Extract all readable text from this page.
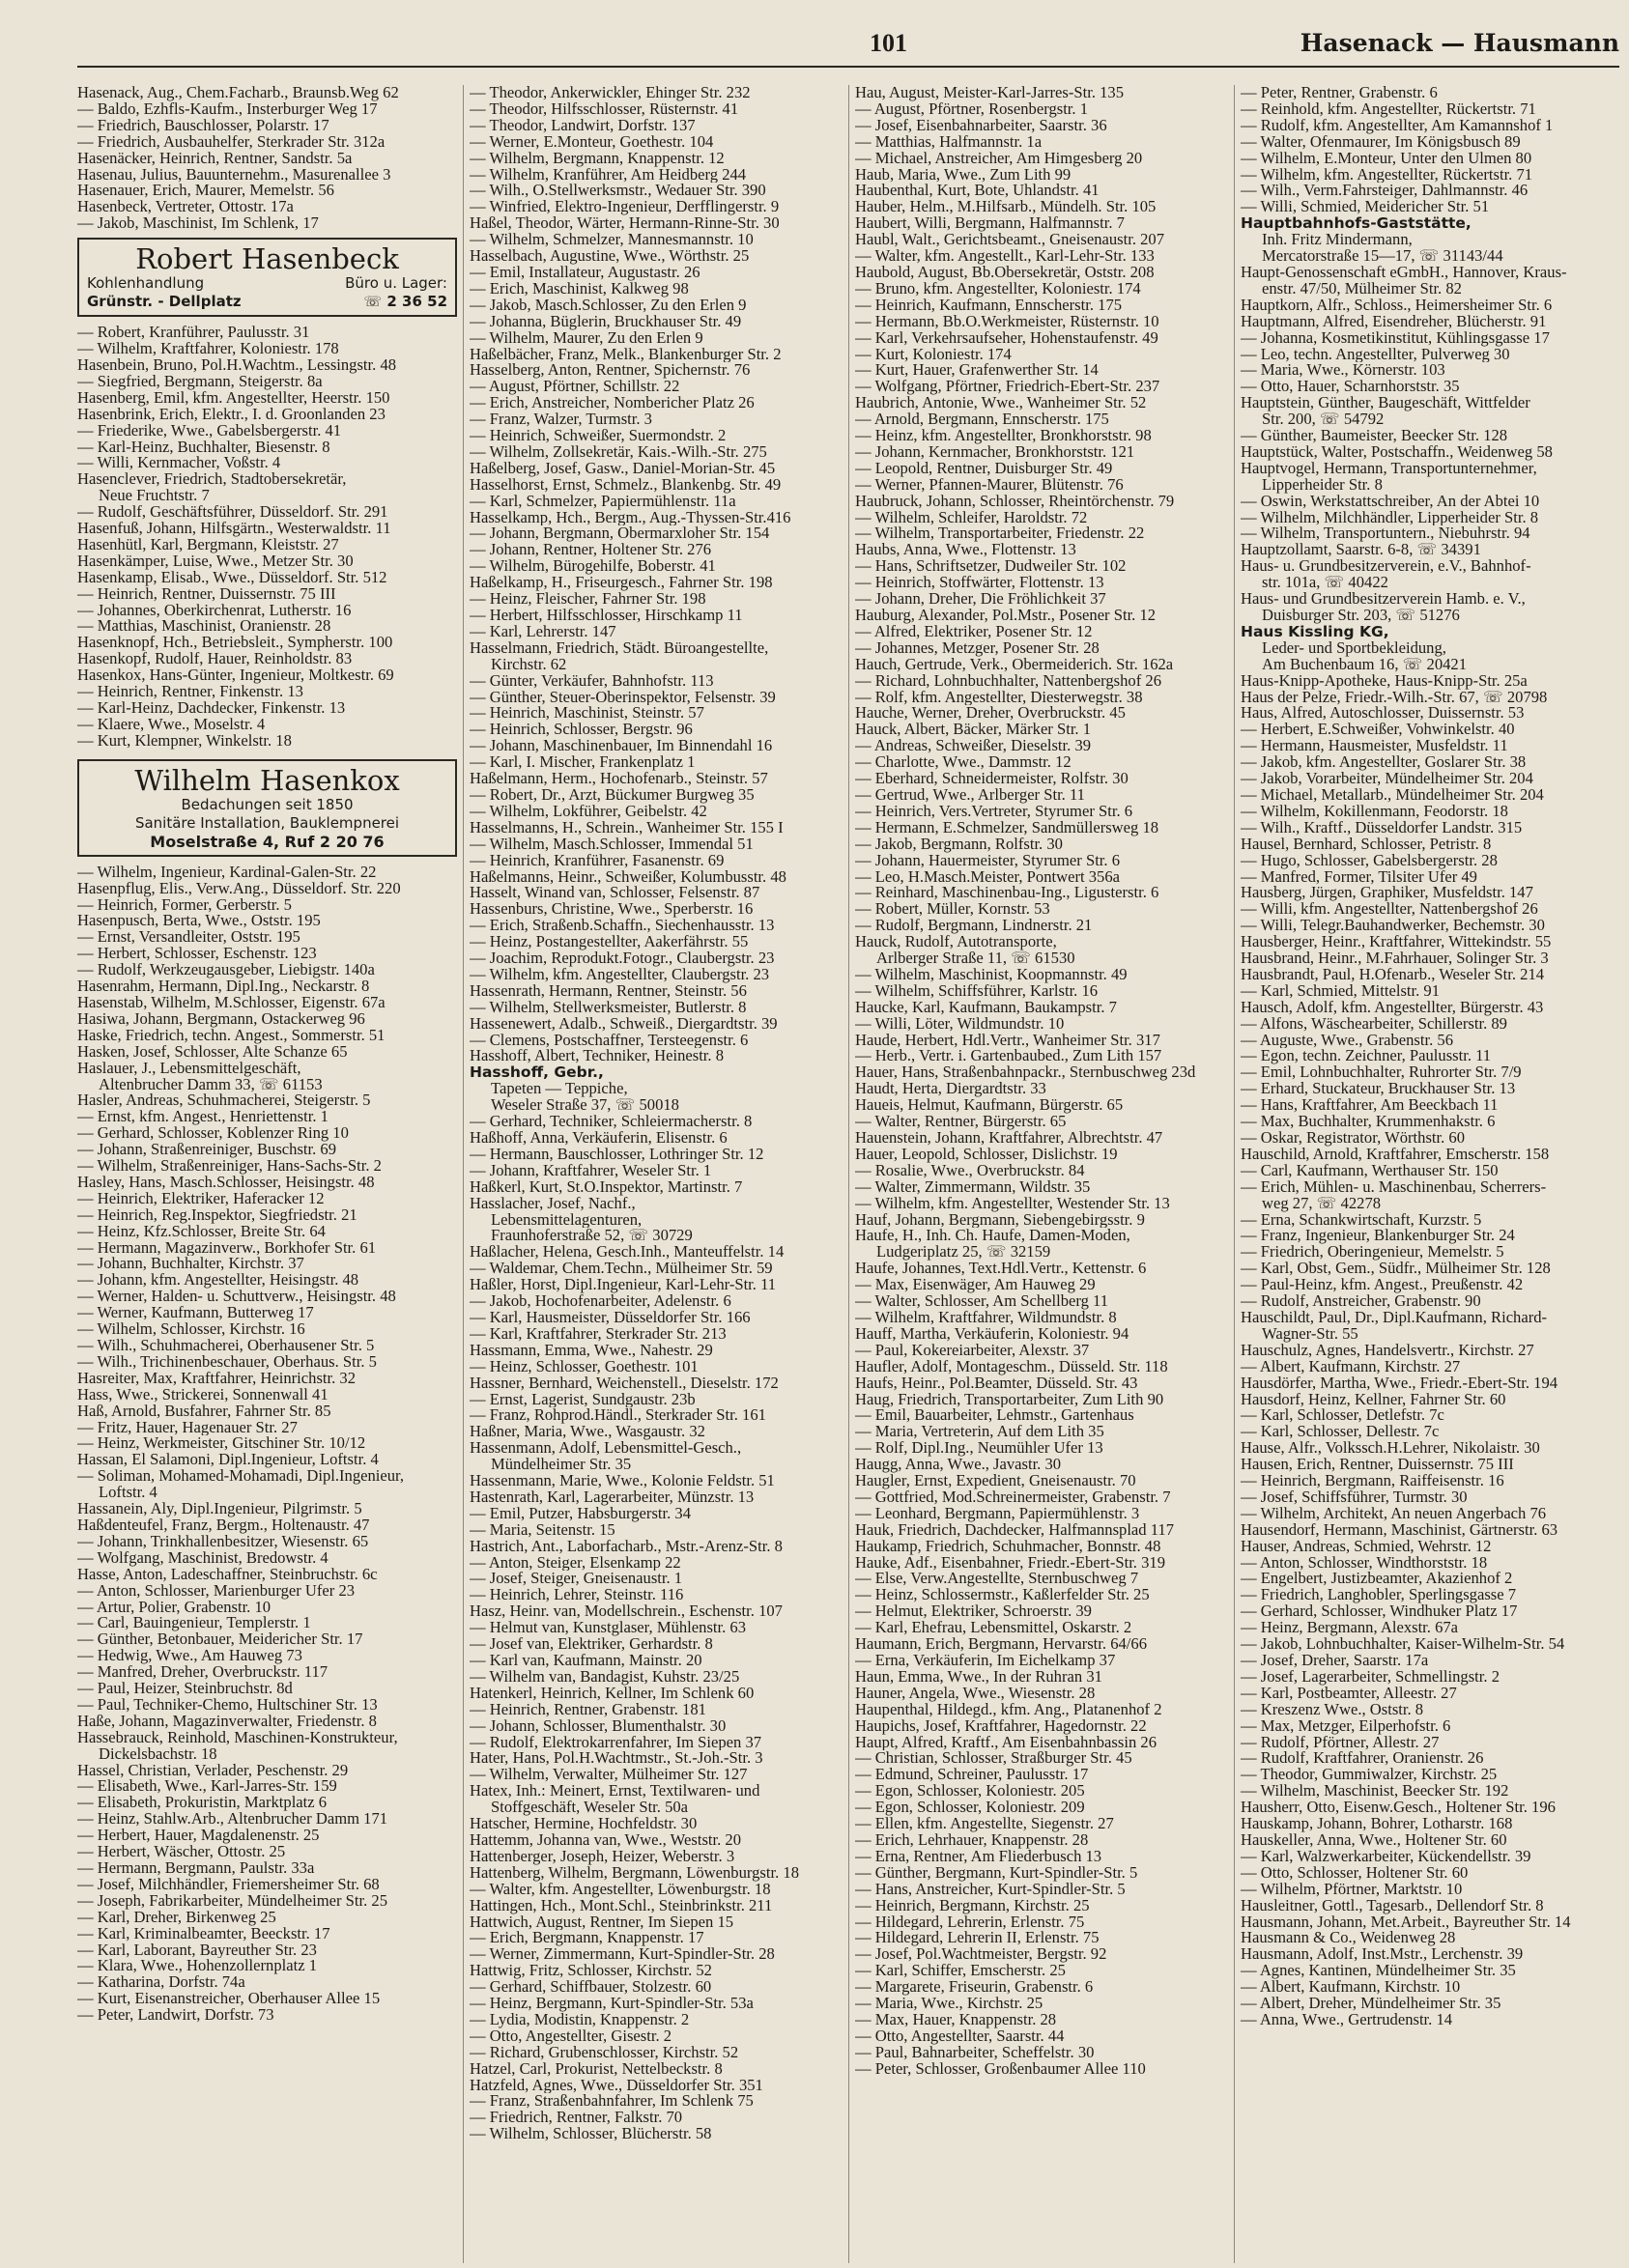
101	Hasenack — Hausmann
Hasenack, Aug., Chem.Facharb., Braunsb.Weg 62
— Baldo, Ezhfls-Kaufm., Insterburger Weg 17
— Friedrich, Bauschlosser, Polarstr. 17
— Friedrich, Ausbauhelfer, Sterkrader Str. 312a
Hasenäcker, Heinrich, Rentner, Sandstr. 5a
Hasenau, Julius, Bauunternehm., Masurenallee 3
Hasenauer, Erich, Maurer, Memelstr. 56
Hasenbeck, Vertreter, Ottostr. 17a
— Jakob, Maschinist, Im Schlenk, 17
Robert Hasenbeck
Kohlenhandlung	Büro u. Lager:
Grünstr. - Dellplatz	☏ 2 36 52
— Robert, Kranführer, Paulusstr. 31
— Wilhelm, Kraftfahrer, Koloniestr. 178
Hasenbein, Bruno, Pol.H.Wachtm., Lessingstr. 48
— Siegfried, Bergmann, Steigerstr. 8a
Hasenberg, Emil, kfm. Angestellter, Heerstr. 150
Hasenbrink, Erich, Elektr., I. d. Groonlanden 23
— Friederike, Wwe., Gabelsbergerstr. 41
— Karl-Heinz, Buchhalter, Biesenstr. 8
— Willi, Kernmacher, Voßstr. 4
Hasenclever, Friedrich, Stadtobersekretär,
Neue Fruchtstr. 7
— Rudolf, Geschäftsführer, Düsseldorf. Str. 291
Hasenfuß, Johann, Hilfsgärtn., Westerwaldstr. 11
Hasenhütl, Karl, Bergmann, Kleiststr. 27
Hasenkämper, Luise, Wwe., Metzer Str. 30
Hasenkamp, Elisab., Wwe., Düsseldorf. Str. 512
— Heinrich, Rentner, Duissernstr. 75 III
— Johannes, Oberkirchenrat, Lutherstr. 16
— Matthias, Maschinist, Oranienstr. 28
Hasenknopf, Hch., Betriebsleit., Sympherstr. 100
Hasenkopf, Rudolf, Hauer, Reinholdstr. 83
Hasenkox, Hans-Günter, Ingenieur, Moltkestr. 69
— Heinrich, Rentner, Finkenstr. 13
— Karl-Heinz, Dachdecker, Finkenstr. 13
— Klaere, Wwe., Moselstr. 4
— Kurt, Klempner, Winkelstr. 18
Wilhelm Hasenkox
Bedachungen seit 1850
Sanitäre Installation, Bauklempnerei
Moselstraße 4, Ruf 2 20 76
— Wilhelm, Ingenieur, Kardinal-Galen-Str. 22
Hasenpflug, Elis., Verw.Ang., Düsseldorf. Str. 220
— Heinrich, Former, Gerberstr. 5
Hasenpusch, Berta, Wwe., Oststr. 195
— Ernst, Versandleiter, Oststr. 195
— Herbert, Schlosser, Eschenstr. 123
— Rudolf, Werkzeugausgeber, Liebigstr. 140a
Hasenrahm, Hermann, Dipl.Ing., Neckarstr. 8
Hasenstab, Wilhelm, M.Schlosser, Eigenstr. 67a
Hasiwa, Johann, Bergmann, Ostackerweg 96
Haske, Friedrich, techn. Angest., Sommerstr. 51
Hasken, Josef, Schlosser, Alte Schanze 65
Haslauer, J., Lebensmittelgeschäft,
Altenbrucher Damm 33, ☏ 61153
Hasler, Andreas, Schuhmacherei, Steigerstr. 5
— Ernst, kfm. Angest., Henriettenstr. 1
— Gerhard, Schlosser, Koblenzer Ring 10
— Johann, Straßenreiniger, Buschstr. 69
— Wilhelm, Straßenreiniger, Hans-Sachs-Str. 2
Hasley, Hans, Masch.Schlosser, Heisingstr. 48
— Heinrich, Elektriker, Haferacker 12
— Heinrich, Reg.Inspektor, Siegfriedstr. 21
— Heinz, Kfz.Schlosser, Breite Str. 64
— Hermann, Magazinverw., Borkhofer Str. 61
— Johann, Buchhalter, Kirchstr. 37
— Johann, kfm. Angestellter, Heisingstr. 48
— Werner, Halden- u. Schuttverw., Heisingstr. 48
— Werner, Kaufmann, Butterweg 17
— Wilhelm, Schlosser, Kirchstr. 16
— Wilh., Schuhmacherei, Oberhausener Str. 5
— Wilh., Trichinenbeschauer, Oberhaus. Str. 5
Hasreiter, Max, Kraftfahrer, Heinrichstr. 32
Hass, Wwe., Strickerei, Sonnenwall 41
Haß, Arnold, Busfahrer, Fahrner Str. 85
— Fritz, Hauer, Hagenauer Str. 27
— Heinz, Werkmeister, Gitschiner Str. 10/12
Hassan, El Salamoni, Dipl.Ingenieur, Loftstr. 4
— Soliman, Mohamed-Mohamadi, Dipl.Ingenieur,
Loftstr. 4
Hassanein, Aly, Dipl.Ingenieur, Pilgrimstr. 5
Haßdenteufel, Franz, Bergm., Holtenaustr. 47
— Johann, Trinkhallenbesitzer, Wiesenstr. 65
— Wolfgang, Maschinist, Bredowstr. 4
Hasse, Anton, Ladeschaffner, Steinbruchstr. 6c
— Anton, Schlosser, Marienburger Ufer 23
— Artur, Polier, Grabenstr. 10
— Carl, Bauingenieur, Templerstr. 1
— Günther, Betonbauer, Meidericher Str. 17
— Hedwig, Wwe., Am Hauweg 73
— Manfred, Dreher, Overbruckstr. 117
— Paul, Heizer, Steinbruchstr. 8d
— Paul, Techniker-Chemo, Hultschiner Str. 13
Haße, Johann, Magazinverwalter, Friedenstr. 8
Hassebrauck, Reinhold, Maschinen-Konstrukteur,
Dickelsbachstr. 18
Hassel, Christian, Verlader, Peschenstr. 29
— Elisabeth, Wwe., Karl-Jarres-Str. 159
— Elisabeth, Prokuristin, Marktplatz 6
— Heinz, Stahlw.Arb., Altenbrucher Damm 171
— Herbert, Hauer, Magdalenenstr. 25
— Herbert, Wäscher, Ottostr. 25
— Hermann, Bergmann, Paulstr. 33a
— Josef, Milchhändler, Friemersheimer Str. 68
— Joseph, Fabrikarbeiter, Mündelheimer Str. 25
— Karl, Dreher, Birkenweg 25
— Karl, Kriminalbeamter, Beeckstr. 17
— Karl, Laborant, Bayreuther Str. 23
— Klara, Wwe., Hohenzollernplatz 1
— Katharina, Dorfstr. 74a
— Kurt, Eisenanstreicher, Oberhauser Allee 15
— Peter, Landwirt, Dorfstr. 73
— Theodor, Ankerwickler, Ehinger Str. 232
— Theodor, Hilfsschlosser, Rüsternstr. 41
— Theodor, Landwirt, Dorfstr. 137
— Werner, E.Monteur, Goethestr. 104
— Wilhelm, Bergmann, Knappenstr. 12
— Wilhelm, Kranführer, Am Heidberg 244
— Wilh., O.Stellwerksmstr., Wedauer Str. 390
— Winfried, Elektro-Ingenieur, Derfflingerstr. 9
Haßel, Theodor, Wärter, Hermann-Rinne-Str. 30
— Wilhelm, Schmelzer, Mannesmannstr. 10
Hasselbach, Augustine, Wwe., Wörthstr. 25
— Emil, Installateur, Augustastr. 26
— Erich, Maschinist, Kalkweg 98
— Jakob, Masch.Schlosser, Zu den Erlen 9
— Johanna, Büglerin, Bruckhauser Str. 49
— Wilhelm, Maurer, Zu den Erlen 9
Haßelbächer, Franz, Melk., Blankenburger Str. 2
Hasselberg, Anton, Rentner, Spichernstr. 76
— August, Pförtner, Schillstr. 22
— Erich, Anstreicher, Nombericher Platz 26
— Franz, Walzer, Turmstr. 3
— Heinrich, Schweißer, Suermondstr. 2
— Wilhelm, Zollsekretär, Kais.-Wilh.-Str. 275
Haßelberg, Josef, Gasw., Daniel-Morian-Str. 45
Hasselhorst, Ernst, Schmelz., Blankenbg. Str. 49
— Karl, Schmelzer, Papiermühlenstr. 11a
Hasselkamp, Hch., Bergm., Aug.-Thyssen-Str.416
— Johann, Bergmann, Obermarxloher Str. 154
— Johann, Rentner, Holtener Str. 276
— Wilhelm, Bürogehilfe, Boberstr. 41
Haßelkamp, H., Friseurgesch., Fahrner Str. 198
— Heinz, Fleischer, Fahrner Str. 198
— Herbert, Hilfsschlosser, Hirschkamp 11
— Karl, Lehrerstr. 147
Hasselmann, Friedrich, Städt. Büroangestellte,
Kirchstr. 62
— Günter, Verkäufer, Bahnhofstr. 113
— Günther, Steuer-Oberinspektor, Felsenstr. 39
— Heinrich, Maschinist, Steinstr. 57
— Heinrich, Schlosser, Bergstr. 96
— Johann, Maschinenbauer, Im Binnendahl 16
— Karl, I. Mischer, Frankenplatz 1
Haßelmann, Herm., Hochofenarb., Steinstr. 57
— Robert, Dr., Arzt, Bückumer Burgweg 35
— Wilhelm, Lokführer, Geibelstr. 42
Hasselmanns, H., Schrein., Wanheimer Str. 155 I
— Wilhelm, Masch.Schlosser, Immendal 51
— Heinrich, Kranführer, Fasanenstr. 69
Haßelmanns, Heinr., Schweißer, Kolumbusstr. 48
Hasselt, Winand van, Schlosser, Felsenstr. 87
Hassenburs, Christine, Wwe., Sperberstr. 16
— Erich, Straßenb.Schaffn., Siechenhausstr. 13
— Heinz, Postangestellter, Aakerfährstr. 55
— Joachim, Reprodukt.Fotogr., Claubergstr. 23
— Wilhelm, kfm. Angestellter, Claubergstr. 23
Hassenrath, Hermann, Rentner, Steinstr. 56
— Wilhelm, Stellwerksmeister, Butlerstr. 8
Hassenewert, Adalb., Schweiß., Diergardtstr. 39
— Clemens, Postschaffner, Tersteegenstr. 6
Hasshoff, Albert, Techniker, Heinestr. 8
Hasshoff, Gebr.,
Tapeten — Teppiche,
Weseler Straße 37, ☏ 50018
— Gerhard, Techniker, Schleiermacherstr. 8
Haßhoff, Anna, Verkäuferin, Elisenstr. 6
— Hermann, Bauschlosser, Lothringer Str. 12
— Johann, Kraftfahrer, Weseler Str. 1
Haßkerl, Kurt, St.O.Inspektor, Martinstr. 7
Hasslacher, Josef, Nachf.,
Lebensmittelagenturen,
Fraunhoferstraße 52, ☏ 30729
Haßlacher, Helena, Gesch.Inh., Manteuffelstr. 14
— Waldemar, Chem.Techn., Mülheimer Str. 59
Haßler, Horst, Dipl.Ingenieur, Karl-Lehr-Str. 11
— Jakob, Hochofenarbeiter, Adelenstr. 6
— Karl, Hausmeister, Düsseldorfer Str. 166
— Karl, Kraftfahrer, Sterkrader Str. 213
Hassmann, Emma, Wwe., Nahestr. 29
— Heinz, Schlosser, Goethestr. 101
Hassner, Bernhard, Weichenstell., Dieselstr. 172
— Ernst, Lagerist, Sundgaustr. 23b
— Franz, Rohprod.Händl., Sterkrader Str. 161
Haßner, Maria, Wwe., Wasgaustr. 32
Hassenmann, Adolf, Lebensmittel-Gesch.,
Mündelheimer Str. 35
Hassenmann, Marie, Wwe., Kolonie Feldstr. 51
Hastenrath, Karl, Lagerarbeiter, Münzstr. 13
— Emil, Putzer, Habsburgerstr. 34
— Maria, Seitenstr. 15
Hastrich, Ant., Laborfacharb., Mstr.-Arenz-Str. 8
— Anton, Steiger, Elsenkamp 22
— Josef, Steiger, Gneisenaustr. 1
— Heinrich, Lehrer, Steinstr. 116
Hasz, Heinr. van, Modellschrein., Eschenstr. 107
— Helmut van, Kunstglaser, Mühlenstr. 63
— Josef van, Elektriker, Gerhardstr. 8
— Karl van, Kaufmann, Mainstr. 20
— Wilhelm van, Bandagist, Kuhstr. 23/25
Hatenkerl, Heinrich, Kellner, Im Schlenk 60
— Heinrich, Rentner, Grabenstr. 181
— Johann, Schlosser, Blumenthalstr. 30
— Rudolf, Elektrokarrenfahrer, Im Siepen 37
Hater, Hans, Pol.H.Wachtmstr., St.-Joh.-Str. 3
— Wilhelm, Verwalter, Mülheimer Str. 127
Hatex, Inh.: Meinert, Ernst, Textilwaren- und
Stoffgeschäft, Weseler Str. 50a
Hatscher, Hermine, Hochfeldstr. 30
Hattemm, Johanna van, Wwe., Weststr. 20
Hattenberger, Joseph, Heizer, Weberstr. 3
Hattenberg, Wilhelm, Bergmann, Löwenburgstr. 18
— Walter, kfm. Angestellter, Löwenburgstr. 18
Hattingen, Hch., Mont.Schl., Steinbrinkstr. 211
Hattwich, August, Rentner, Im Siepen 15
— Erich, Bergmann, Knappenstr. 17
— Werner, Zimmermann, Kurt-Spindler-Str. 28
Hattwig, Fritz, Schlosser, Kirchstr. 52
— Gerhard, Schiffbauer, Stolzestr. 60
— Heinz, Bergmann, Kurt-Spindler-Str. 53a
— Lydia, Modistin, Knappenstr. 2
— Otto, Angestellter, Gisestr. 2
— Richard, Grubenschlosser, Kirchstr. 52
Hatzel, Carl, Prokurist, Nettelbeckstr. 8
Hatzfeld, Agnes, Wwe., Düsseldorfer Str. 351
— Franz, Straßenbahnfahrer, Im Schlenk 75
— Friedrich, Rentner, Falkstr. 70
— Wilhelm, Schlosser, Blücherstr. 58
Hau, August, Meister-Karl-Jarres-Str. 135
— August, Pförtner, Rosenbergstr. 1
— Josef, Eisenbahnarbeiter, Saarstr. 36
— Matthias, Halfmannstr. 1a
— Michael, Anstreicher, Am Himgesberg 20
Haub, Maria, Wwe., Zum Lith 99
Haubenthal, Kurt, Bote, Uhlandstr. 41
Hauber, Helm., M.Hilfsarb., Mündelh. Str. 105
Haubert, Willi, Bergmann, Halfmannstr. 7
Haubl, Walt., Gerichtsbeamt., Gneisenaustr. 207
— Walter, kfm. Angestellt., Karl-Lehr-Str. 133
Haubold, August, Bb.Obersekretär, Oststr. 208
— Bruno, kfm. Angestellter, Koloniestr. 174
— Heinrich, Kaufmann, Ennscherstr. 175
— Hermann, Bb.O.Werkmeister, Rüsternstr. 10
— Karl, Verkehrsaufseher, Hohenstaufenstr. 49
— Kurt, Koloniestr. 174
— Kurt, Hauer, Grafenwerther Str. 14
— Wolfgang, Pförtner, Friedrich-Ebert-Str. 237
Haubrich, Antonie, Wwe., Wanheimer Str. 52
— Arnold, Bergmann, Ennscherstr. 175
— Heinz, kfm. Angestellter, Bronkhorststr. 98
— Johann, Kernmacher, Bronkhorststr. 121
— Leopold, Rentner, Duisburger Str. 49
— Werner, Pfannen-Maurer, Blütenstr. 76
Haubruck, Johann, Schlosser, Rheintörchenstr. 79
— Wilhelm, Schleifer, Haroldstr. 72
— Wilhelm, Transportarbeiter, Friedenstr. 22
Haubs, Anna, Wwe., Flottenstr. 13
— Hans, Schriftsetzer, Dudweiler Str. 102
— Heinrich, Stoffwärter, Flottenstr. 13
— Johann, Dreher, Die Fröhlichkeit 37
Hauburg, Alexander, Pol.Mstr., Posener Str. 12
— Alfred, Elektriker, Posener Str. 12
— Johannes, Metzger, Posener Str. 28
Hauch, Gertrude, Verk., Obermeiderich. Str. 162a
— Richard, Lohnbuchhalter, Nattenbergshof 26
— Rolf, kfm. Angestellter, Diesterwegstr. 38
Hauche, Werner, Dreher, Overbruckstr. 45
Hauck, Albert, Bäcker, Märker Str. 1
— Andreas, Schweißer, Dieselstr. 39
— Charlotte, Wwe., Dammstr. 12
— Eberhard, Schneidermeister, Rolfstr. 30
— Gertrud, Wwe., Arlberger Str. 11
— Heinrich, Vers.Vertreter, Styrumer Str. 6
— Hermann, E.Schmelzer, Sandmüllersweg 18
— Jakob, Bergmann, Rolfstr. 30
— Johann, Hauermeister, Styrumer Str. 6
— Leo, H.Masch.Meister, Pontwert 356a
— Reinhard, Maschinenbau-Ing., Ligusterstr. 6
— Robert, Müller, Kornstr. 53
— Rudolf, Bergmann, Lindnerstr. 21
Hauck, Rudolf, Autotransporte,
Arlberger Straße 11, ☏ 61530
— Wilhelm, Maschinist, Koopmannstr. 49
— Wilhelm, Schiffsführer, Karlstr. 16
Haucke, Karl, Kaufmann, Baukampstr. 7
— Willi, Löter, Wildmundstr. 10
Haude, Herbert, Hdl.Vertr., Wanheimer Str. 317
— Herb., Vertr. i. Gartenbaubed., Zum Lith 157
Hauer, Hans, Straßenbahnpackr., Sternbuschweg 23d
Haudt, Herta, Diergardtstr. 33
Haueis, Helmut, Kaufmann, Bürgerstr. 65
— Walter, Rentner, Bürgerstr. 65
Hauenstein, Johann, Kraftfahrer, Albrechtstr. 47
Hauer, Leopold, Schlosser, Dislichstr. 19
— Rosalie, Wwe., Overbruckstr. 84
— Walter, Zimmermann, Wildstr. 35
— Wilhelm, kfm. Angestellter, Westender Str. 13
Hauf, Johann, Bergmann, Siebengebirgsstr. 9
Haufe, H., Inh. Ch. Haufe, Damen-Moden,
Ludgeriplatz 25, ☏ 32159
Haufe, Johannes, Text.Hdl.Vertr., Kettenstr. 6
— Max, Eisenwäger, Am Hauweg 29
— Walter, Schlosser, Am Schellberg 11
— Wilhelm, Kraftfahrer, Wildmundstr. 8
Hauff, Martha, Verkäuferin, Koloniestr. 94
— Paul, Kokereiarbeiter, Alexstr. 37
Haufler, Adolf, Montageschm., Düsseld. Str. 118
Haufs, Heinr., Pol.Beamter, Düsseld. Str. 43
Haug, Friedrich, Transportarbeiter, Zum Lith 90
— Emil, Bauarbeiter, Lehmstr., Gartenhaus
— Maria, Vertreterin, Auf dem Lith 35
— Rolf, Dipl.Ing., Neumühler Ufer 13
Haugg, Anna, Wwe., Javastr. 30
Haugler, Ernst, Expedient, Gneisenaustr. 70
— Gottfried, Mod.Schreinermeister, Grabenstr. 7
— Leonhard, Bergmann, Papiermühlenstr. 3
Hauk, Friedrich, Dachdecker, Halfmannsplad 117
Haukamp, Friedrich, Schuhmacher, Bonnstr. 48
Hauke, Adf., Eisenbahner, Friedr.-Ebert-Str. 319
— Else, Verw.Angestellte, Sternbuschweg 7
— Heinz, Schlossermstr., Kaßlerfelder Str. 25
— Helmut, Elektriker, Schroerstr. 39
— Karl, Ehefrau, Lebensmittel, Oskarstr. 2
Haumann, Erich, Bergmann, Hervarstr. 64/66
— Erna, Verkäuferin, Im Eichelkamp 37
Haun, Emma, Wwe., In der Ruhran 31
Hauner, Angela, Wwe., Wiesenstr. 28
Haupenthal, Hildegd., kfm. Ang., Platanenhof 2
Haupichs, Josef, Kraftfahrer, Hagedornstr. 22
Haupt, Alfred, Kraftf., Am Eisenbahnbassin 26
— Christian, Schlosser, Straßburger Str. 45
— Edmund, Schreiner, Paulusstr. 17
— Egon, Schlosser, Koloniestr. 205
— Egon, Schlosser, Koloniestr. 209
— Ellen, kfm. Angestellte, Siegenstr. 27
— Erich, Lehrhauer, Knappenstr. 28
— Erna, Rentner, Am Fliederbusch 13
— Günther, Bergmann, Kurt-Spindler-Str. 5
— Hans, Anstreicher, Kurt-Spindler-Str. 5
— Heinrich, Bergmann, Kirchstr. 25
— Hildegard, Lehrerin, Erlenstr. 75
— Hildegard, Lehrerin II, Erlenstr. 75
— Josef, Pol.Wachtmeister, Bergstr. 92
— Karl, Schiffer, Emscherstr. 25
— Margarete, Friseurin, Grabenstr. 6
— Maria, Wwe., Kirchstr. 25
— Max, Hauer, Knappenstr. 28
— Otto, Angestellter, Saarstr. 44
— Paul, Bahnarbeiter, Scheffelstr. 30
— Peter, Schlosser, Großenbaumer Allee 110
— Peter, Rentner, Grabenstr. 6
— Reinhold, kfm. Angestellter, Rückertstr. 71
— Rudolf, kfm. Angestellter, Am Kamannshof 1
— Walter, Ofenmaurer, Im Königsbusch 89
— Wilhelm, E.Monteur, Unter den Ulmen 80
— Wilhelm, kfm. Angestellter, Rückertstr. 71
— Wilh., Verm.Fahrsteiger, Dahlmannstr. 46
— Willi, Schmied, Meidericher Str. 51
Hauptbahnhofs-Gaststätte,
Inh. Fritz Mindermann,
Mercatorstraße 15—17, ☏ 31143/44
Haupt-Genossenschaft eGmbH., Hannover, Kraus-
enstr. 47/50, Mülheimer Str. 82
Hauptkorn, Alfr., Schloss., Heimersheimer Str. 6
Hauptmann, Alfred, Eisendreher, Blücherstr. 91
— Johanna, Kosmetikinstitut, Kühlingsgasse 17
— Leo, techn. Angestellter, Pulverweg 30
— Maria, Wwe., Körnerstr. 103
— Otto, Hauer, Scharnhorststr. 35
Hauptstein, Günther, Baugeschäft, Wittfelder
Str. 200, ☏ 54792
— Günther, Baumeister, Beecker Str. 128
Hauptstück, Walter, Postschaffn., Weidenweg 58
Hauptvogel, Hermann, Transportunternehmer,
Lipperheider Str. 8
— Oswin, Werkstattschreiber, An der Abtei 10
— Wilhelm, Milchhändler, Lipperheider Str. 8
— Wilhelm, Transportuntern., Niebuhrstr. 94
Hauptzollamt, Saarstr. 6-8, ☏ 34391
Haus- u. Grundbesitzerverein, e.V., Bahnhof-
str. 101a, ☏ 40422
Haus- und Grundbesitzerverein Hamb. e. V.,
Duisburger Str. 203, ☏ 51276
Haus Kissling KG,
Leder- und Sportbekleidung,
Am Buchenbaum 16, ☏ 20421
Haus-Knipp-Apotheke, Haus-Knipp-Str. 25a
Haus der Pelze, Friedr.-Wilh.-Str. 67, ☏ 20798
Haus, Alfred, Autoschlosser, Duissernstr. 53
— Herbert, E.Schweißer, Vohwinkelstr. 40
— Hermann, Hausmeister, Musfeldstr. 11
— Jakob, kfm. Angestellter, Goslarer Str. 38
— Jakob, Vorarbeiter, Mündelheimer Str. 204
— Michael, Metallarb., Mündelheimer Str. 204
— Wilhelm, Kokillenmann, Feodorstr. 18
— Wilh., Kraftf., Düsseldorfer Landstr. 315
Hausel, Bernhard, Schlosser, Petristr. 8
— Hugo, Schlosser, Gabelsbergerstr. 28
— Manfred, Former, Tilsiter Ufer 49
Hausberg, Jürgen, Graphiker, Musfeldstr. 147
— Willi, kfm. Angestellter, Nattenbergshof 26
— Willi, Telegr.Bauhandwerker, Bechemstr. 30
Hausberger, Heinr., Kraftfahrer, Wittekindstr. 55
Hausbrand, Heinr., M.Fahrhauer, Solinger Str. 3
Hausbrandt, Paul, H.Ofenarb., Weseler Str. 214
— Karl, Schmied, Mittelstr. 91
Hausch, Adolf, kfm. Angestellter, Bürgerstr. 43
— Alfons, Wäschearbeiter, Schillerstr. 89
— Auguste, Wwe., Grabenstr. 56
— Egon, techn. Zeichner, Paulusstr. 11
— Emil, Lohnbuchhalter, Ruhrorter Str. 7/9
— Erhard, Stuckateur, Bruckhauser Str. 13
— Hans, Kraftfahrer, Am Beeckbach 11
— Max, Buchhalter, Krummenhakstr. 6
— Oskar, Registrator, Wörthstr. 60
Hauschild, Arnold, Kraftfahrer, Emscherstr. 158
— Carl, Kaufmann, Werthauser Str. 150
— Erich, Mühlen- u. Maschinenbau, Scherrers-
weg 27, ☏ 42278
— Erna, Schankwirtschaft, Kurzstr. 5
— Franz, Ingenieur, Blankenburger Str. 24
— Friedrich, Oberingenieur, Memelstr. 5
— Karl, Obst, Gem., Südfr., Mülheimer Str. 128
— Paul-Heinz, kfm. Angest., Preußenstr. 42
— Rudolf, Anstreicher, Grabenstr. 90
Hauschildt, Paul, Dr., Dipl.Kaufmann, Richard-
Wagner-Str. 55
Hauschulz, Agnes, Handelsvertr., Kirchstr. 27
— Albert, Kaufmann, Kirchstr. 27
Hausdörfer, Martha, Wwe., Friedr.-Ebert-Str. 194
Hausdorf, Heinz, Kellner, Fahrner Str. 60
— Karl, Schlosser, Detlefstr. 7c
— Karl, Schlosser, Dellestr. 7c
Hause, Alfr., Volkssch.H.Lehrer, Nikolaistr. 30
Hausen, Erich, Rentner, Duissernstr. 75 III
— Heinrich, Bergmann, Raiffeisenstr. 16
— Josef, Schiffsführer, Turmstr. 30
— Wilhelm, Architekt, An neuen Angerbach 76
Hausendorf, Hermann, Maschinist, Gärtnerstr. 63
Hauser, Andreas, Schmied, Wehrstr. 12
— Anton, Schlosser, Windthorststr. 18
— Engelbert, Justizbeamter, Akazienhof 2
— Friedrich, Langhobler, Sperlingsgasse 7
— Gerhard, Schlosser, Windhuker Platz 17
— Heinz, Bergmann, Alexstr. 67a
— Jakob, Lohnbuchhalter, Kaiser-Wilhelm-Str. 54
— Josef, Dreher, Saarstr. 17a
— Josef, Lagerarbeiter, Schmellingstr. 2
— Karl, Postbeamter, Alleestr. 27
— Kreszenz Wwe., Oststr. 8
— Max, Metzger, Eilperhofstr. 6
— Rudolf, Pförtner, Allestr. 27
— Rudolf, Kraftfahrer, Oranienstr. 26
— Theodor, Gummiwalzer, Kirchstr. 25
— Wilhelm, Maschinist, Beecker Str. 192
Hausherr, Otto, Eisenw.Gesch., Holtener Str. 196
Hauskamp, Johann, Bohrer, Lotharstr. 168
Hauskeller, Anna, Wwe., Holtener Str. 60
— Karl, Walzwerkarbeiter, Kückendellstr. 39
— Otto, Schlosser, Holtener Str. 60
— Wilhelm, Pförtner, Marktstr. 10
Hausleitner, Gottl., Tagesarb., Dellendorf Str. 8
Hausmann, Johann, Met.Arbeit., Bayreuther Str. 14
Hausmann & Co., Weidenweg 28
Hausmann, Adolf, Inst.Mstr., Lerchenstr. 39
— Agnes, Kantinen, Mündelheimer Str. 35
— Albert, Kaufmann, Kirchstr. 10
— Albert, Dreher, Mündelheimer Str. 35
— Anna, Wwe., Gertrudenstr. 14
